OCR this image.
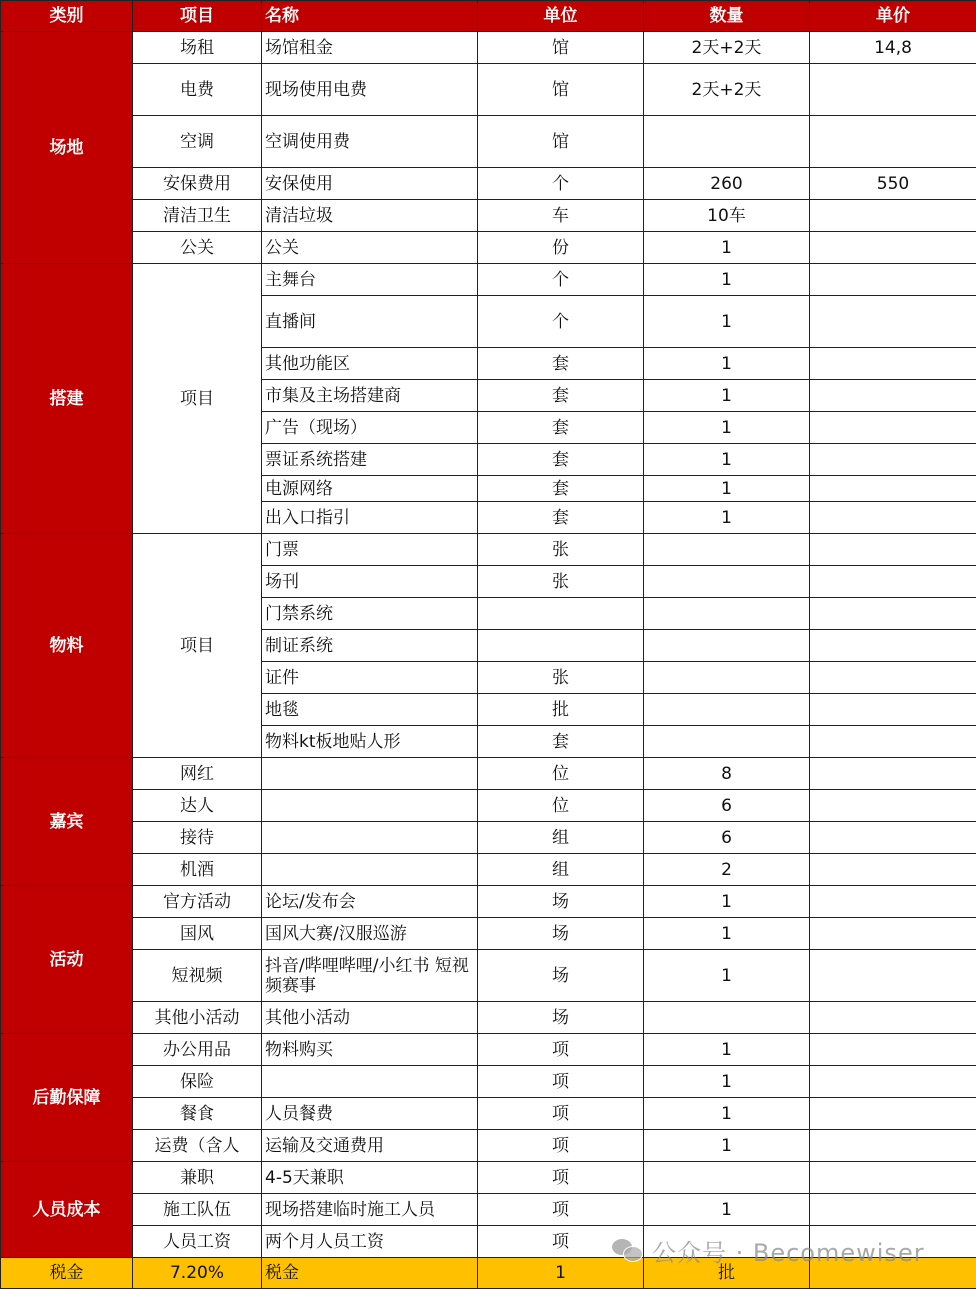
类别	项目	名称	单位	数量	单价
场地	场租	场馆租金	馆	2天+2天	14,8
	电费	现场使用电费	馆	2天+2天	
	空调	空调使用费	馆		
	安保费用	安保使用	个	260	550
	清洁卫生	清洁垃圾	车	10车	
	公关	公关	份	1	
搭建	项目	主舞台	个	1	
		直播间	个	1	
		其他功能区	套	1	
		市集及主场搭建商	套	1	
		广告（现场）	套	1	
		票证系统搭建	套	1	
		电源网络	套	1	
		出入口指引	套	1	
物料	项目	门票	张		
		场刊	张		
		门禁系统			
		制证系统			
		证件	张		
		地毯	批		
		物料kt板地贴人形	套		
嘉宾	网红		位	8	
	达人		位	6	
	接待		组	6	
	机酒		组	2	
活动	官方活动	论坛/发布会	场	1	
	国风	国风大赛/汉服巡游	场	1	
	短视频	抖音/哔哩哔哩/小红书 短视频赛事	场	1	
	其他小活动	其他小活动	场		
后勤保障	办公用品	物料购买	项	1	
	保险		项	1	
	餐食	人员餐费	项	1	
	运费（含人	运输及交通费用	项	1	
人员成本	兼职	4-5天兼职	项		
	施工队伍	现场搭建临时施工人员	项	1	
	人员工资	两个月人员工资	项		
税金	7.20%	税金	1	批	
公众号 · Becomewiser
